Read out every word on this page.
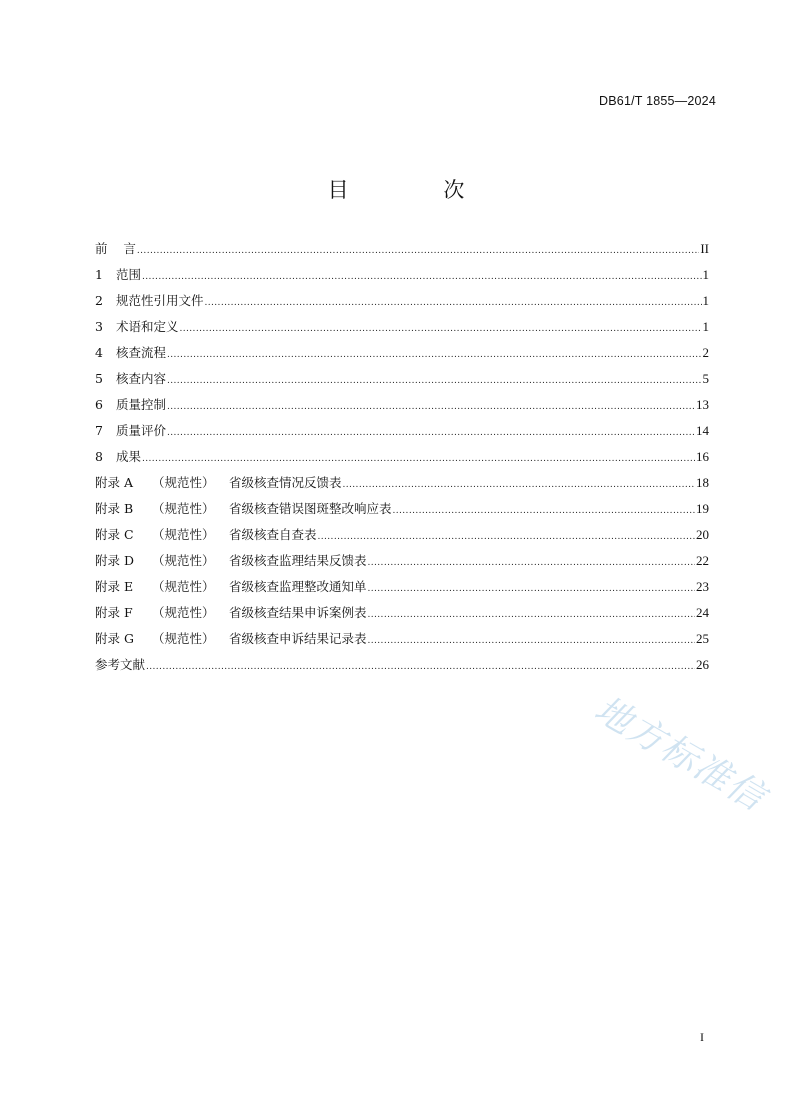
DB61/T 1855—2024
目 次
前    言 .....	II
1	范围 .....	1
2	规范性引用文件 .....	1
3	术语和定义 .....	1
4	核查流程 .....	2
5	核查内容 .....	5
6	质量控制 .....	13
7	质量评价 .....	14
8	成果 .....	16
附录 A	（规范性）	省级核查情况反馈表 .....	18
附录 B	（规范性）	省级核查错误图斑整改响应表 .....	19
附录 C	（规范性）	省级核查自查表 .....	20
附录 D	（规范性）	省级核查监理结果反馈表 .....	22
附录 E	（规范性）	省级核查监理整改通知单 .....	23
附录 F	（规范性）	省级核查结果申诉案例表 .....	24
附录 G	（规范性）	省级核查申诉结果记录表 .....	25
参考文献 .....	26
地方标准信
I
